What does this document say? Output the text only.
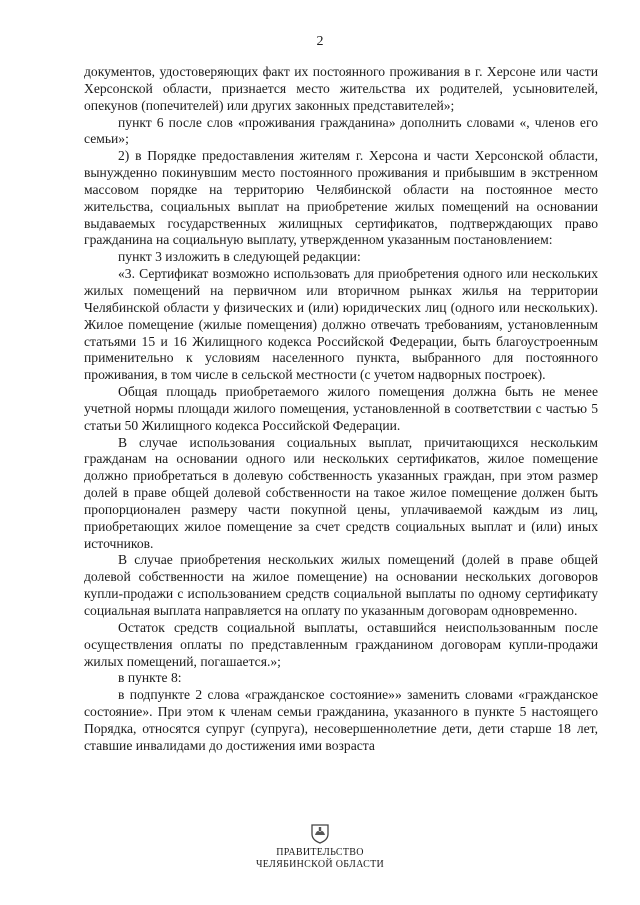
2

документов, удостоверяющих факт их постоянного проживания в г. Херсоне или части Херсонской области, признается место жительства их родителей, усыновителей, опекунов (попечителей) или других законных представителей»;

пункт 6 после слов «проживания гражданина» дополнить словами «, членов его семьи»;

2) в Порядке предоставления жителям г. Херсона и части Херсонской области, вынужденно покинувшим место постоянного проживания и прибывшим в экстренном массовом порядке на территорию Челябинской области на постоянное место жительства, социальных выплат на приобретение жилых помещений на основании выдаваемых государственных жилищных сертификатов, подтверждающих право гражданина на социальную выплату, утвержденном указанным постановлением:

пункт 3 изложить в следующей редакции:

«3. Сертификат возможно использовать для приобретения одного или нескольких жилых помещений на первичном или вторичном рынках жилья на территории Челябинской области у физических и (или) юридических лиц (одного или нескольких). Жилое помещение (жилые помещения) должно отвечать требованиям, установленным статьями 15 и 16 Жилищного кодекса Российской Федерации, быть благоустроенным применительно к условиям населенного пункта, выбранного для постоянного проживания, в том числе в сельской местности (с учетом надворных построек).

Общая площадь приобретаемого жилого помещения должна быть не менее учетной нормы площади жилого помещения, установленной в соответствии с частью 5 статьи 50 Жилищного кодекса Российской Федерации.

В случае использования социальных выплат, причитающихся нескольким гражданам на основании одного или нескольких сертификатов, жилое помещение должно приобретаться в долевую собственность указанных граждан, при этом размер долей в праве общей долевой собственности на такое жилое помещение должен быть пропорционален размеру части покупной цены, уплачиваемой каждым из лиц, приобретающих жилое помещение за счет средств социальных выплат и (или) иных источников.

В случае приобретения нескольких жилых помещений (долей в праве общей долевой собственности на жилое помещение) на основании нескольких договоров купли-продажи с использованием средств социальной выплаты по одному сертификату социальная выплата направляется на оплату по указанным договорам одновременно.

Остаток средств социальной выплаты, оставшийся неиспользованным после осуществления оплаты по представленным гражданином договорам купли-продажи жилых помещений, погашается.»;

в пункте 8:

в подпункте 2 слова «гражданское состояние»» заменить словами «гражданское состояние». При этом к членам семьи гражданина, указанного в пункте 5 настоящего Порядка, относятся супруг (супруга), несовершеннолетние дети, дети старше 18 лет, ставшие инвалидами до достижения ими возраста

ПРАВИТЕЛЬСТВО
ЧЕЛЯБИНСКОЙ ОБЛАСТИ
